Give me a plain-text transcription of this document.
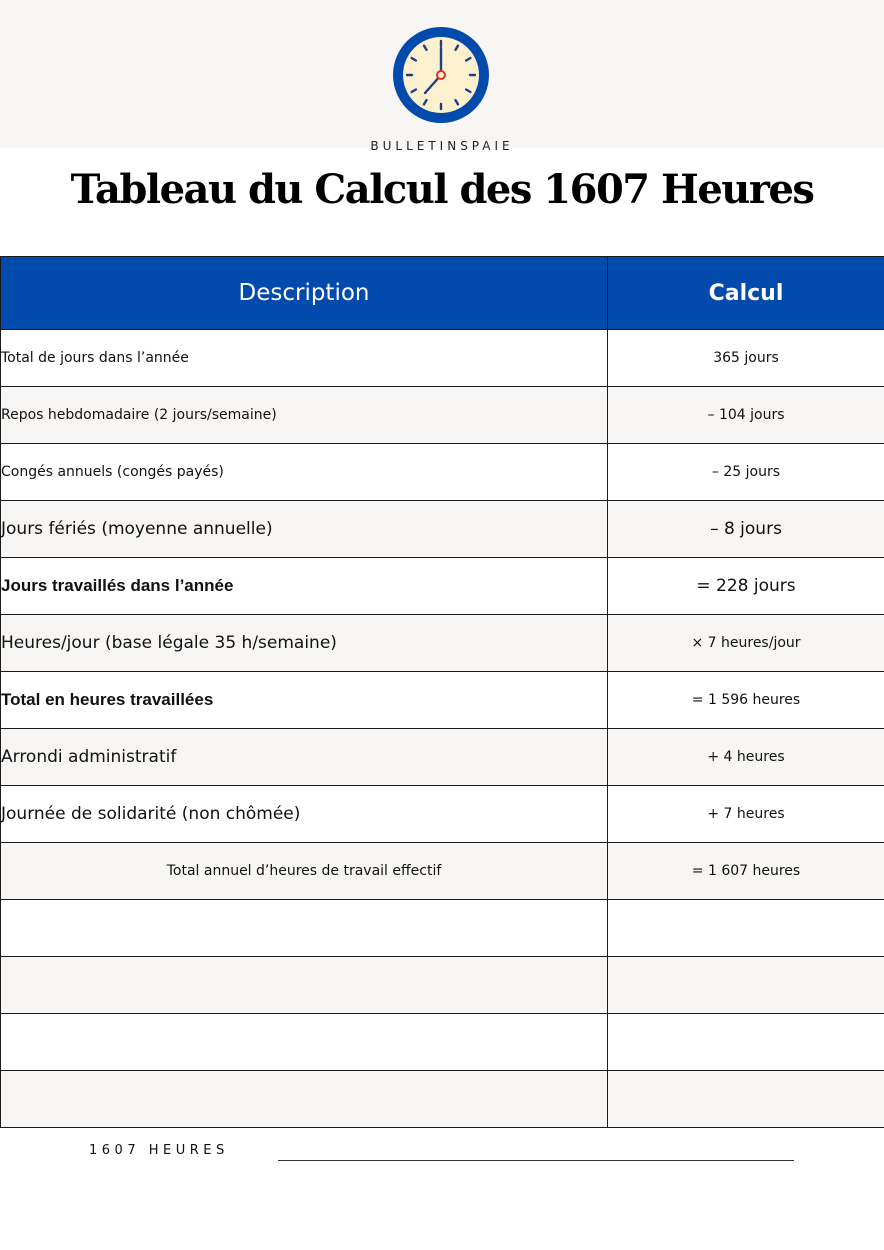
BULLETINSPAIE
Tableau du Calcul des 1607 Heures
Description	Calcul
Total de jours dans l’année	365 jours
Repos hebdomadaire (2 jours/semaine)	– 104 jours
Congés annuels (congés payés)	– 25 jours
Jours fériés (moyenne annuelle)	– 8 jours
Jours travaillés dans l’année	= 228 jours
Heures/jour (base légale 35 h/semaine)	× 7 heures/jour
Total en heures travaillées	= 1 596 heures
Arrondi administratif	+ 4 heures
Journée de solidarité (non chômée)	+ 7 heures
Total annuel d’heures de travail effectif	= 1 607 heures

1607 HEURES
